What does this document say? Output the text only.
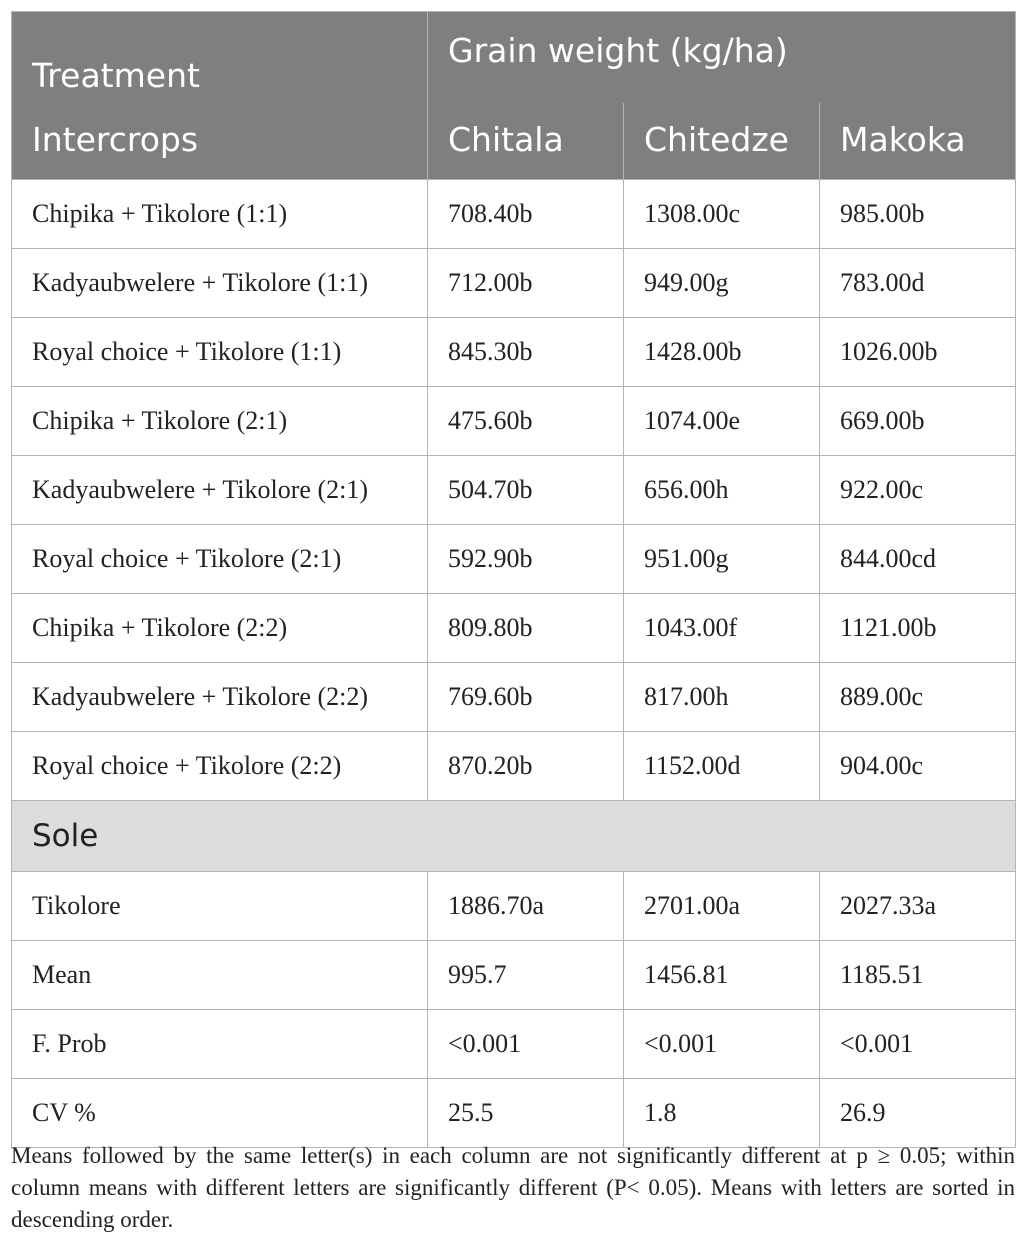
Treatment	Grain weight (kg/ha)		
Intercrops	Chitala	Chitedze	Makoka
Chipika + Tikolore (1:1)	708.40b	1308.00c	985.00b
Kadyaubwelere + Tikolore (1:1)	712.00b	949.00g	783.00d
Royal choice + Tikolore (1:1)	845.30b	1428.00b	1026.00b
Chipika + Tikolore (2:1)	475.60b	1074.00e	669.00b
Kadyaubwelere + Tikolore (2:1)	504.70b	656.00h	922.00c
Royal choice + Tikolore (2:1)	592.90b	951.00g	844.00cd
Chipika + Tikolore (2:2)	809.80b	1043.00f	1121.00b
Kadyaubwelere + Tikolore (2:2)	769.60b	817.00h	889.00c
Royal choice + Tikolore (2:2)	870.20b	1152.00d	904.00c
Sole			
Tikolore	1886.70a	2701.00a	2027.33a
Mean	995.7	1456.81	1185.51
F. Prob	<0.001	<0.001	<0.001
CV %	25.5	1.8	26.9

Means followed by the same letter(s) in each column are not significantly different at p ≥ 0.05; within column means with different letters are significantly different (P< 0.05). Means with letters are sorted in descending order.
